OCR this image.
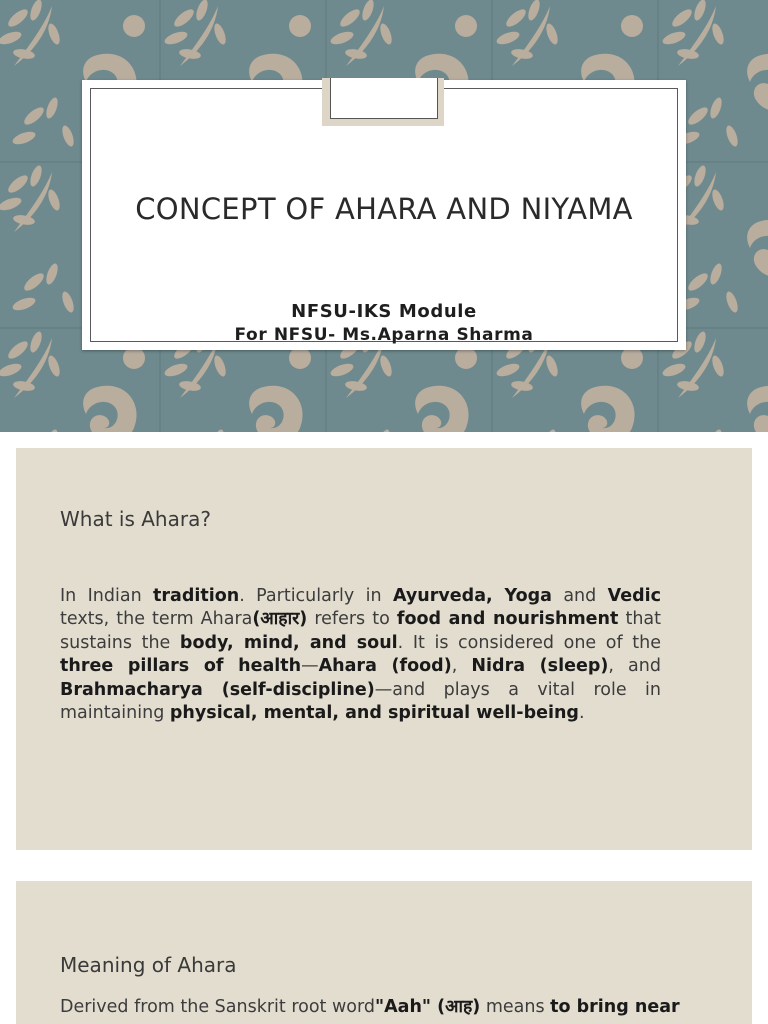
CONCEPT OF AHARA AND NIYAMA
NFSU-IKS Module
For NFSU- Ms.Aparna Sharma
What is Ahara?
In Indian tradition. Particularly in Ayurveda, Yoga and Vedic texts, the term Ahara(आहार) refers to food and nourishment that sustains the body, mind, and soul. It is considered one of the three pillars of health—Ahara (food), Nidra (sleep), and Brahmacharya (self-discipline)—and plays a vital role in maintaining physical, mental, and spiritual well-being.
Meaning of Ahara
Derived from the Sanskrit root word"Aah" (आह) means to bring near
